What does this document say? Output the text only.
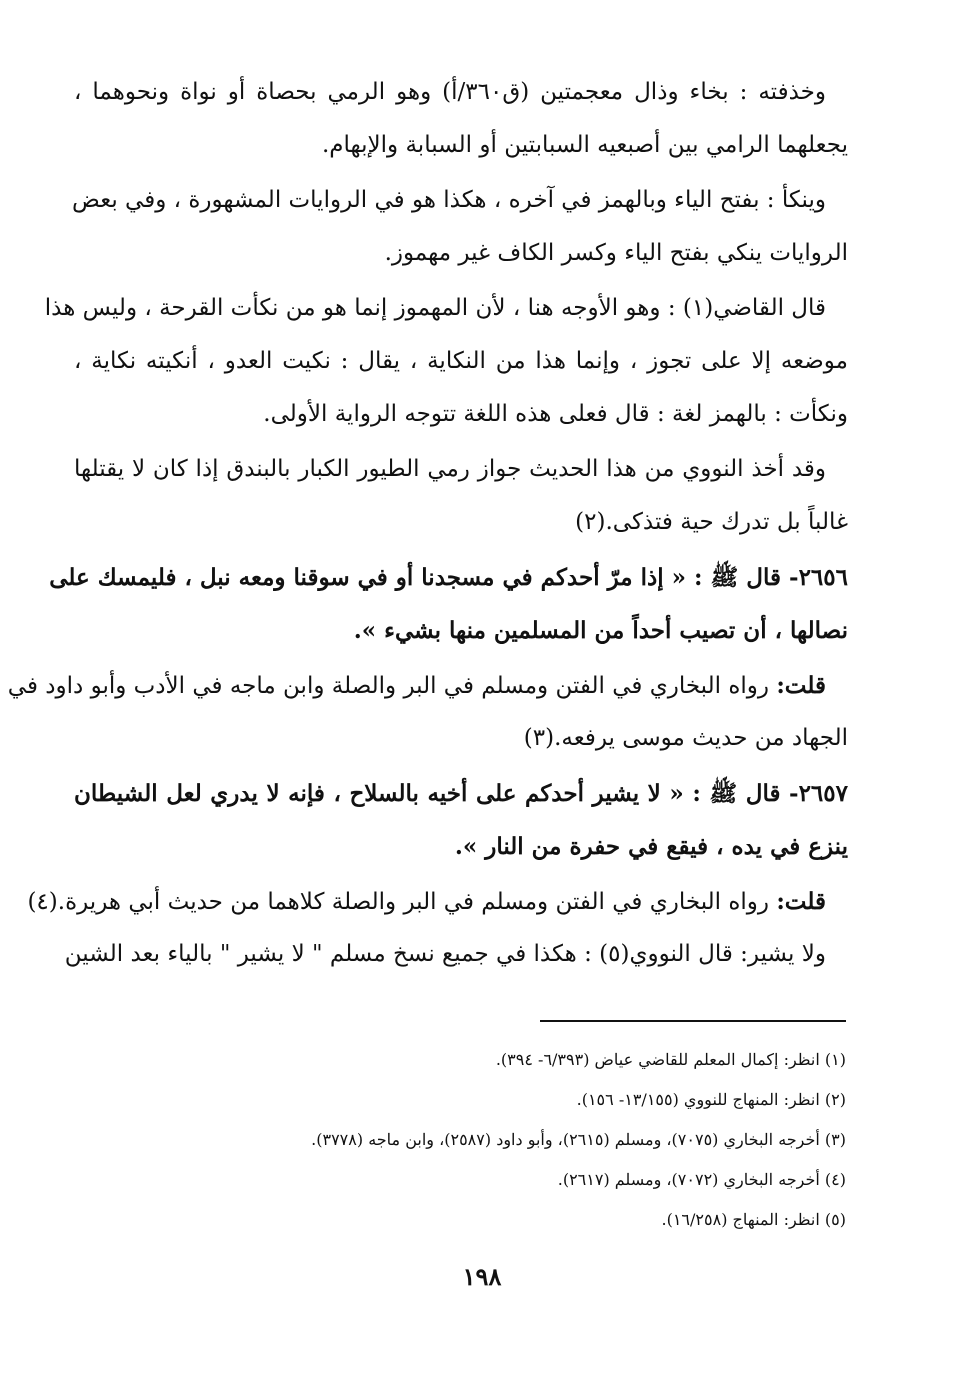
وخذفته : بخاء وذال معجمتين (ق٣٦٠/أ) وهو الرمي بحصاة أو نواة ونحوهما ،
يجعلهما الرامي بين أصبعيه السبابتين أو السبابة والإبهام.
وينكأ : بفتح الياء وبالهمز في آخره ، هكذا هو في الروايات المشهورة ، وفي بعض
الروايات ينكي بفتح الياء وكسر الكاف غير مهموز.
قال القاضي(١) : وهو الأوجه هنا ، لأن المهموز إنما هو من نكأت القرحة ، وليس هذا
موضعه إلا على تجوز ، وإنما هذا من النكاية ، يقال : نكيت العدو ، أنكيته نكاية ،
ونكأت : بالهمز لغة : قال فعلى هذه اللغة تتوجه الرواية الأولى.
وقد أخذ النووي من هذا الحديث جواز رمي الطيور الكبار بالبندق إذا كان لا يقتلها
غالباً بل تدرك حية فتذكى.(٢)
٢٦٥٦- قال ﷺ : « إذا مرّ أحدكم في مسجدنا أو في سوقنا ومعه نبل ، فليمسك على
نصالها ، أن تصيب أحداً من المسلمين منها بشيء ».
قلت: رواه البخاري في الفتن ومسلم في البر والصلة وابن ماجه في الأدب وأبو داود في
الجهاد من حديث موسى يرفعه.(٣)
٢٦٥٧- قال ﷺ : « لا يشير أحدكم على أخيه بالسلاح ، فإنه لا يدري لعل الشيطان
ينزع في يده ، فيقع في حفرة من النار ».
قلت: رواه البخاري في الفتن ومسلم في البر والصلة كلاهما من حديث أبي هريرة.(٤)
ولا يشير: قال النووي(٥) : هكذا في جميع نسخ مسلم " لا يشير " بالياء بعد الشين
(١) انظر: إكمال المعلم للقاضي عياض (٦/٣٩٣- ٣٩٤).
(٢) انظر: المنهاج للنووي (١٣/١٥٥- ١٥٦).
(٣) أخرجه البخاري (٧٠٧٥)، ومسلم (٢٦١٥)، وأبو داود (٢٥٨٧)، وابن ماجه (٣٧٧٨).
(٤) أخرجه البخاري (٧٠٧٢)، ومسلم (٢٦١٧).
(٥) انظر: المنهاج (١٦/٢٥٨).
١٩٨
